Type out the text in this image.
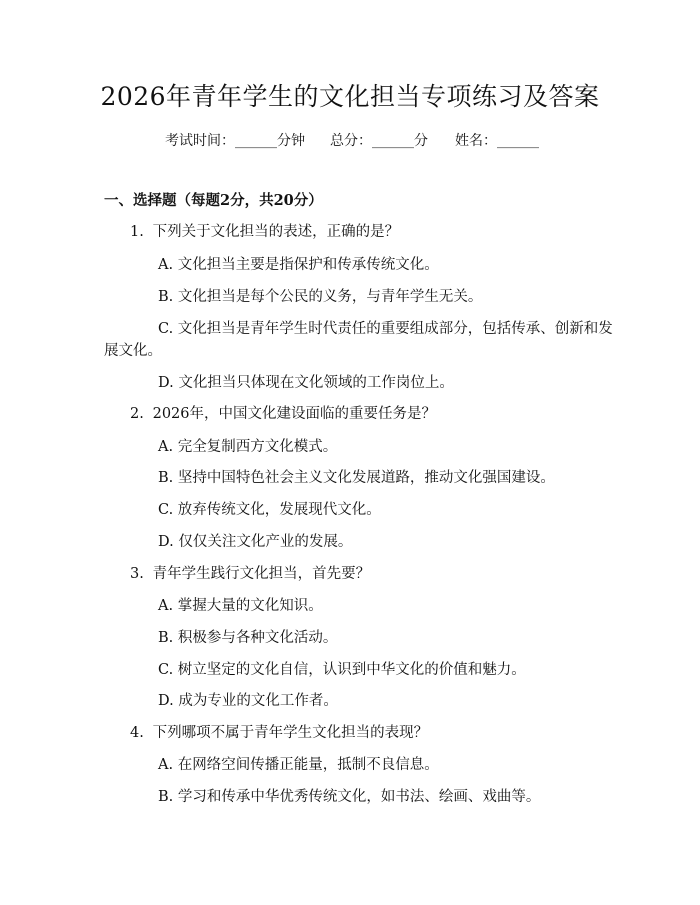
2026年青年学生的文化担当专项练习及答案
考试时间：______分钟 总分：______分 姓名：______
一、选择题（每题2分，共20分）
1. 下列关于文化担当的表述，正确的是？
A. 文化担当主要是指保护和传承传统文化。
B. 文化担当是每个公民的义务，与青年学生无关。
C. 文化担当是青年学生时代责任的重要组成部分，包括传承、创新和发
展文化。
D. 文化担当只体现在文化领域的工作岗位上。
2. 2026年，中国文化建设面临的重要任务是？
A. 完全复制西方文化模式。
B. 坚持中国特色社会主义文化发展道路，推动文化强国建设。
C. 放弃传统文化，发展现代文化。
D. 仅仅关注文化产业的发展。
3. 青年学生践行文化担当，首先要？
A. 掌握大量的文化知识。
B. 积极参与各种文化活动。
C. 树立坚定的文化自信，认识到中华文化的价值和魅力。
D. 成为专业的文化工作者。
4. 下列哪项不属于青年学生文化担当的表现？
A. 在网络空间传播正能量，抵制不良信息。
B. 学习和传承中华优秀传统文化，如书法、绘画、戏曲等。
